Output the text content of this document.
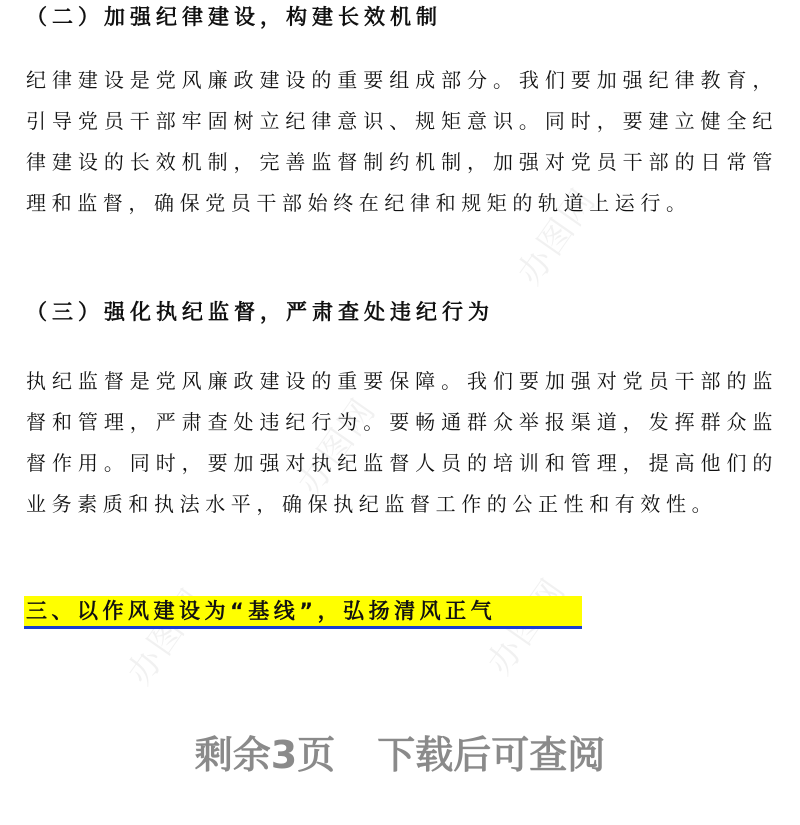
办图网
办图网
办图网
（二）加强纪律建设，构建长效机制

纪律建设是党风廉政建设的重要组成部分。我们要加强纪律教育，引导党员干部牢固树立纪律意识、规矩意识。同时，要建立健全纪律建设的长效机制，完善监督制约机制，加强对党员干部的日常管理和监督，确保党员干部始终在纪律和规矩的轨道上运行。

（三）强化执纪监督，严肃查处违纪行为

执纪监督是党风廉政建设的重要保障。我们要加强对党员干部的监督和管理，严肃查处违纪行为。要畅通群众举报渠道，发挥群众监督作用。同时，要加强对执纪监督人员的培训和管理，提高他们的业务素质和执法水平，确保执纪监督工作的公正性和有效性。

三、以作风建设为“基线”，弘扬清风正气
剩余3页 下载后可查阅
